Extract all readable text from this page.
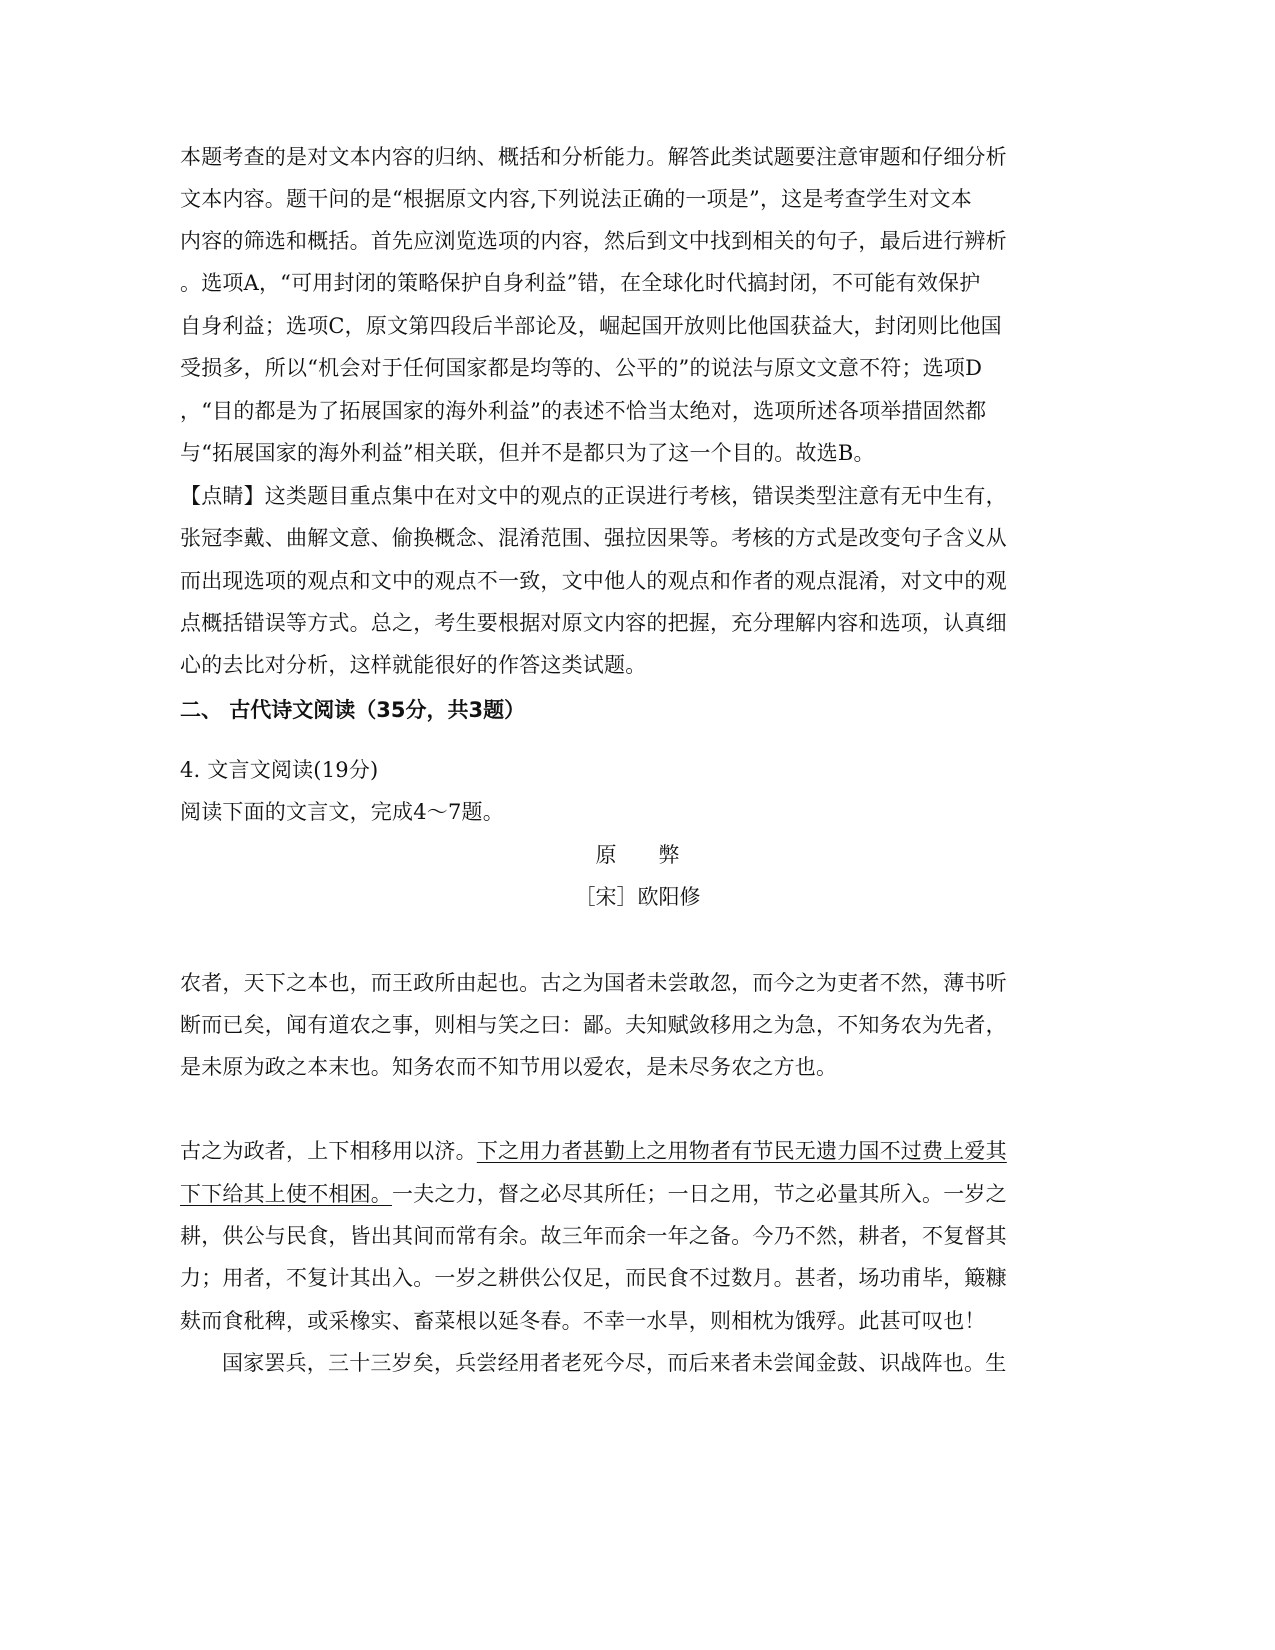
本题考查的是对文本内容的归纳、概括和分析能力。解答此类试题要注意审题和仔细分析
文本内容。题干问的是“根据原文内容,下列说法正确的一项是”，这是考查学生对文本
内容的筛选和概括。首先应浏览选项的内容，然后到文中找到相关的句子，最后进行辨析
。选项A，“可用封闭的策略保护自身利益”错，在全球化时代搞封闭，不可能有效保护
自身利益；选项C，原文第四段后半部论及，崛起国开放则比他国获益大，封闭则比他国
受损多，所以“机会对于任何国家都是均等的、公平的”的说法与原文文意不符；选项D
，“目的都是为了拓展国家的海外利益”的表述不恰当太绝对，选项所述各项举措固然都
与“拓展国家的海外利益”相关联，但并不是都只为了这一个目的。故选B。
【点睛】这类题目重点集中在对文中的观点的正误进行考核，错误类型注意有无中生有，
张冠李戴、曲解文意、偷换概念、混淆范围、强拉因果等。考核的方式是改变句子含义从
而出现选项的观点和文中的观点不一致，文中他人的观点和作者的观点混淆，对文中的观
点概括错误等方式。总之，考生要根据对原文内容的把握，充分理解内容和选项，认真细
心的去比对分析，这样就能很好的作答这类试题。
二、 古代诗文阅读（35分，共3题）
4. 文言文阅读(19分)
阅读下面的文言文，完成4～7题。
原　　弊
［宋］欧阳修
农者，天下之本也，而王政所由起也。古之为国者未尝敢忽，而今之为吏者不然，薄书听
断而已矣，闻有道农之事，则相与笑之曰：鄙。夫知赋敛移用之为急，不知务农为先者，
是未原为政之本末也。知务农而不知节用以爱农，是未尽务农之方也。
古之为政者，上下相移用以济。下之用力者甚勤上之用物者有节民无遗力国不过费上爱其
下下给其上使不相困。一夫之力，督之必尽其所任；一日之用，节之必量其所入。一岁之
耕，供公与民食，皆出其间而常有余。故三年而余一年之备。今乃不然，耕者，不复督其
力；用者，不复计其出入。一岁之耕供公仅足，而民食不过数月。甚者，场功甫毕，簸糠
麸而食秕稗，或采橡实、畜菜根以延冬春。不幸一水旱，则相枕为饿殍。此甚可叹也！
国家罢兵，三十三岁矣，兵尝经用者老死今尽，而后来者未尝闻金鼓、识战阵也。生
